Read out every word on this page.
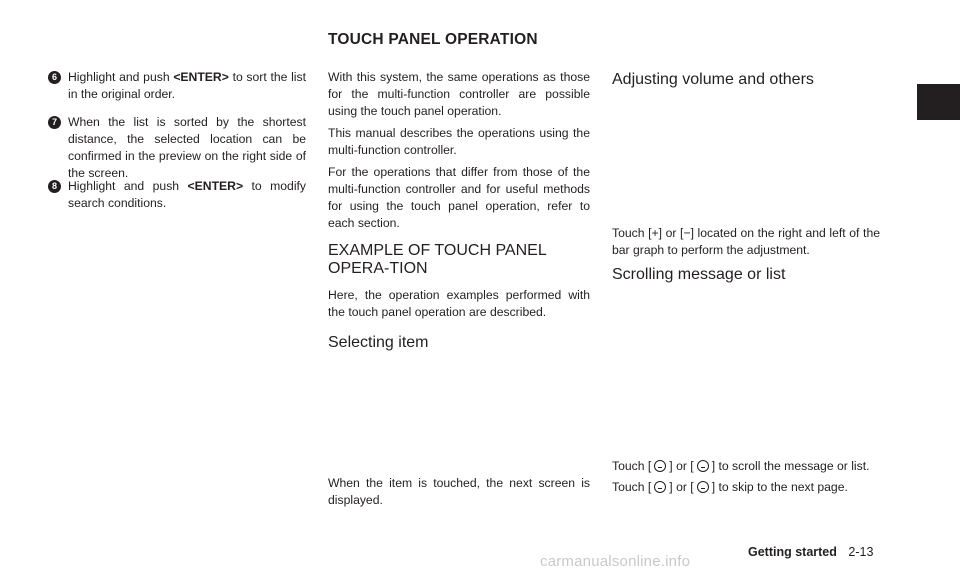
TOUCH PANEL OPERATION
6 Highlight and push <ENTER> to sort the list in the original order.

7 When the list is sorted by the shortest distance, the selected location can be confirmed in the preview on the right side of the screen.

8 Highlight and push <ENTER> to modify search conditions.

With this system, the same operations as those for the multi-function controller are possible using the touch panel operation.

This manual describes the operations using the multi-function controller.

For the operations that differ from those of the multi-function controller and for useful methods for using the touch panel operation, refer to each section.

EXAMPLE OF TOUCH PANEL OPERA-TION

Here, the operation examples performed with the touch panel operation are described.

Selecting item

When the item is touched, the next screen is displayed.

Adjusting volume and others

Touch [+] or [−] located on the right and left of the bar graph to perform the adjustment.

Scrolling message or list

Touch [ ] or [ ] to scroll the message or list.

Touch [ ] or [ ] to skip to the next page.

Getting started 2-13
carmanualsonline.info
